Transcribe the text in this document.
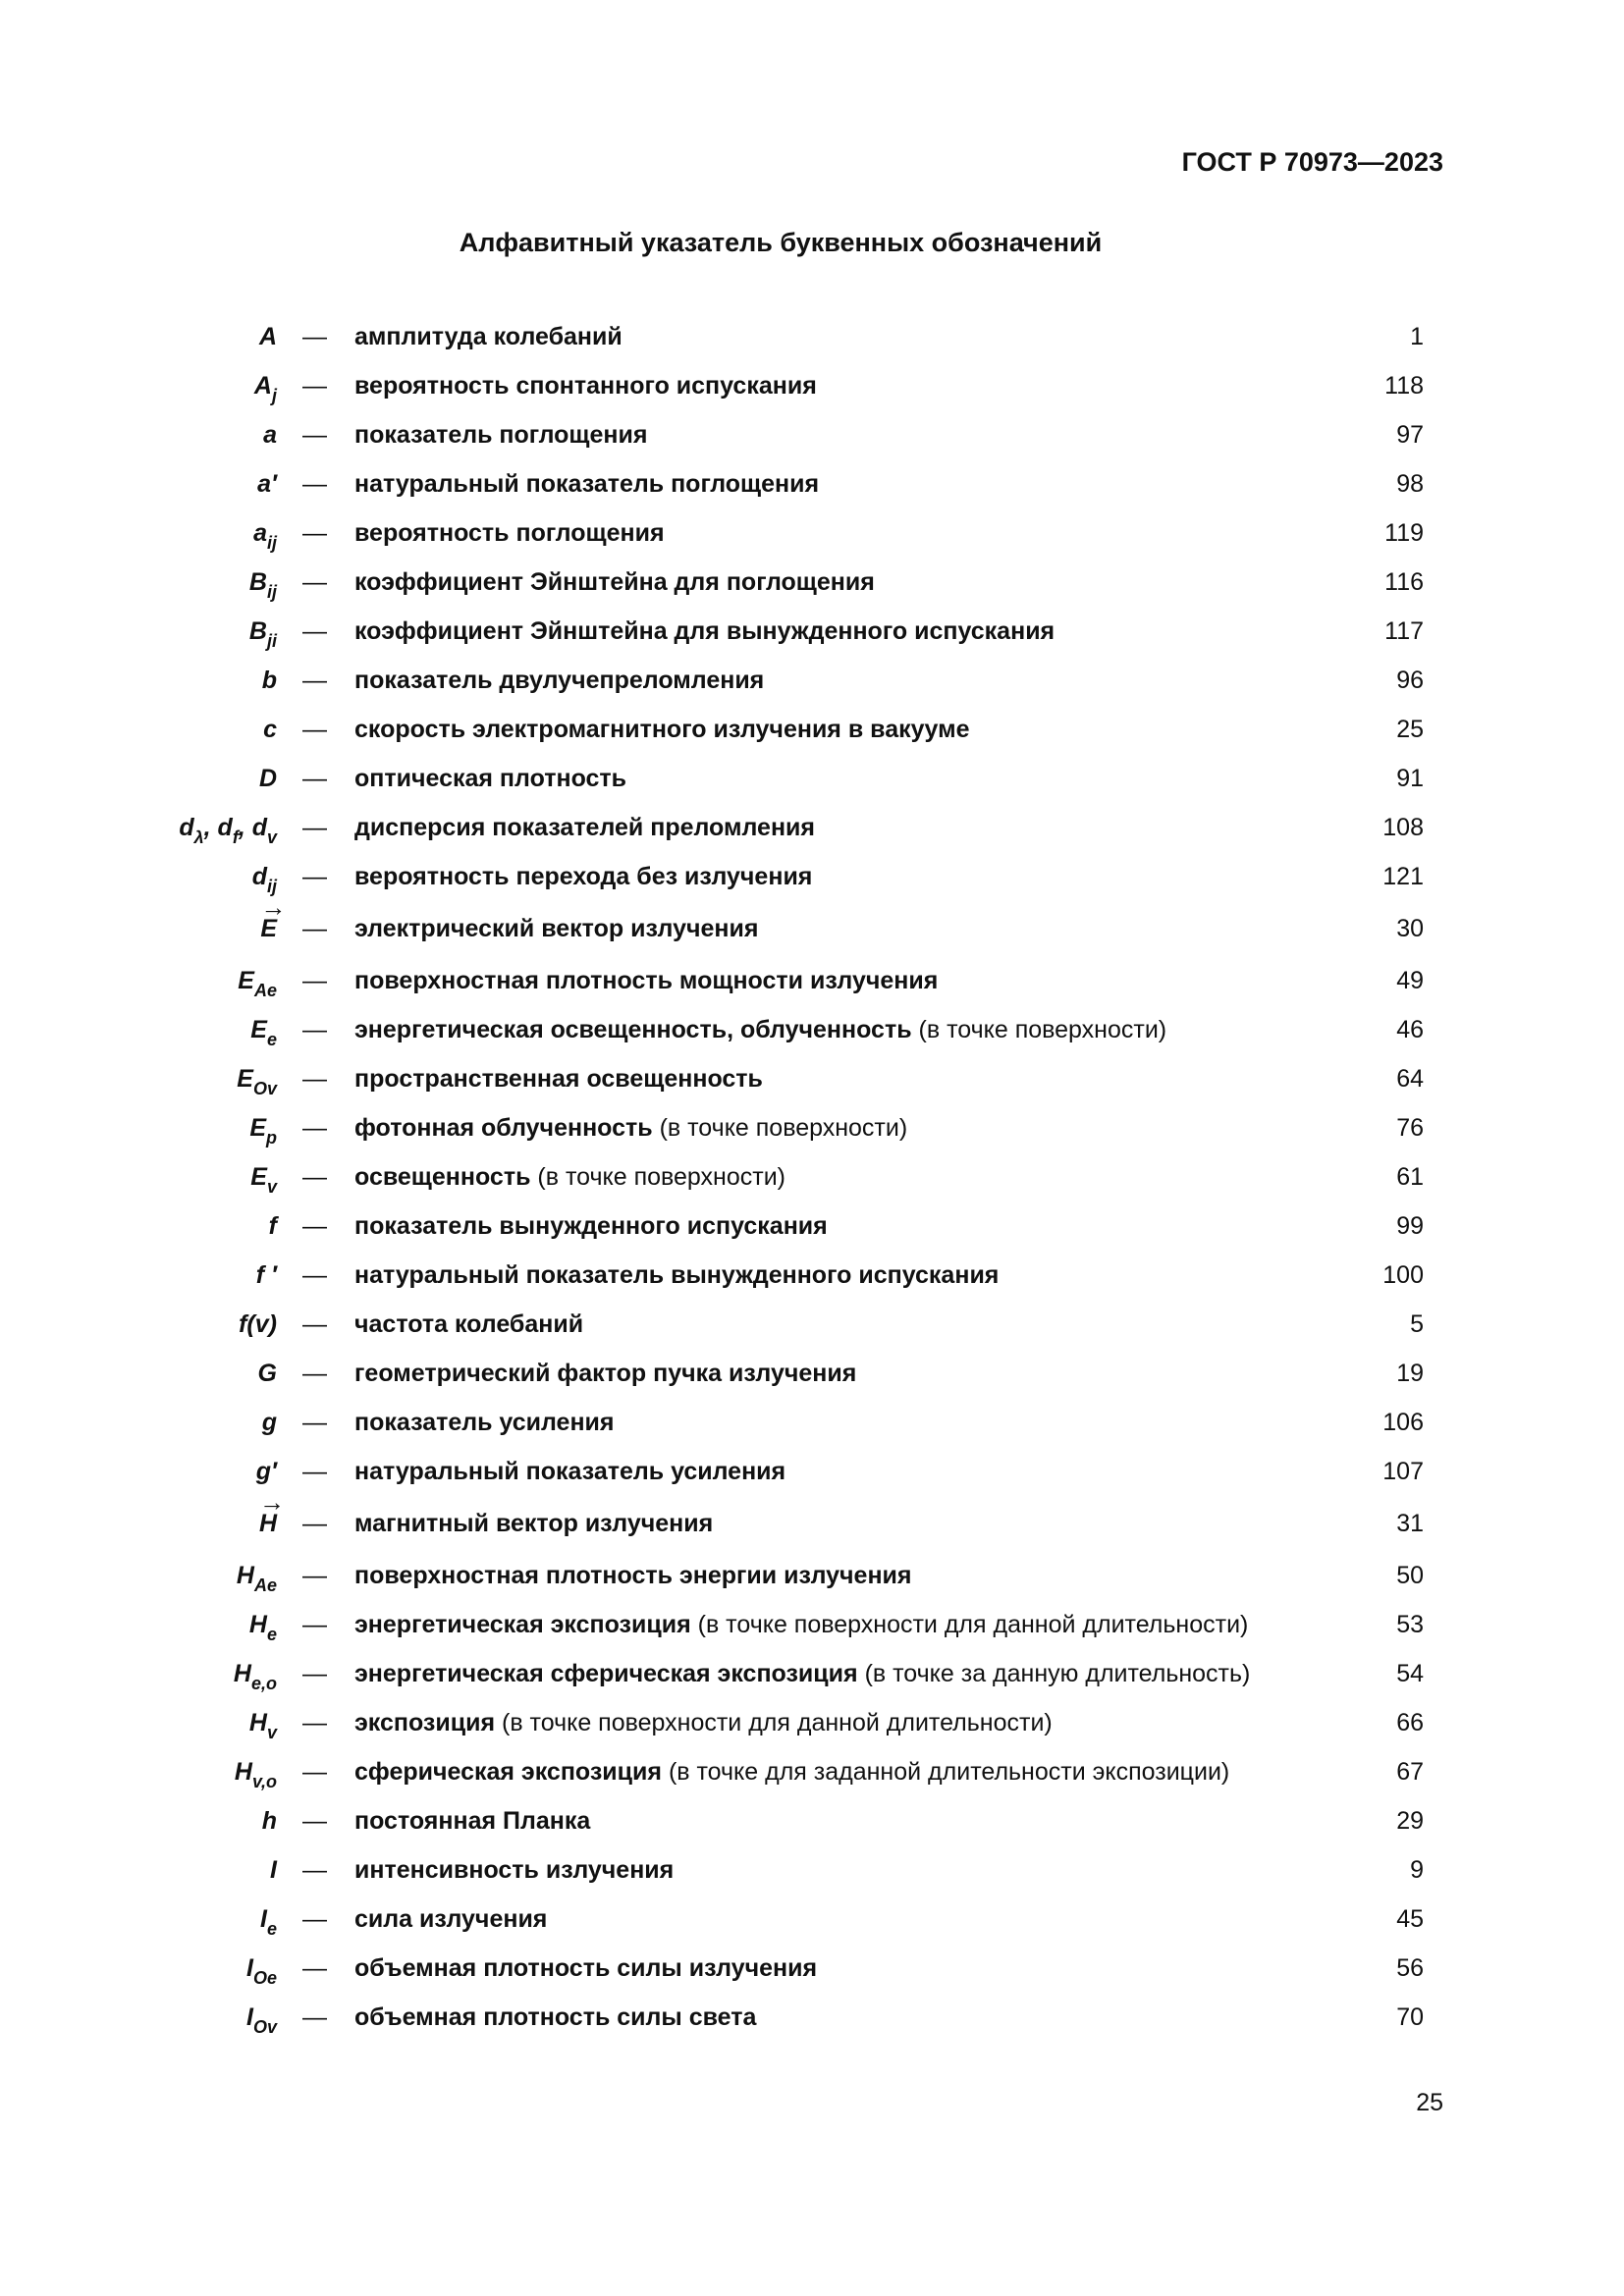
ГОСТ Р 70973—2023
Алфавитный указатель буквенных обозначений
A — амплитуда колебаний	1
$A_j$ — вероятность спонтанного испускания	118
a — показатель поглощения	97
a′ — натуральный показатель поглощения	98
$a_{ij}$ — вероятность поглощения	119
$B_{ij}$ — коэффициент Эйнштейна для поглощения	116
$B_{ji}$ — коэффициент Эйнштейна для вынужденного испускания	117
b — показатель двулучепреломления	96
c — скорость электромагнитного излучения в вакууме	25
D — оптическая плотность	91
$d_\lambda$, $d_f$, $d_v$ — дисперсия показателей преломления	108
$d_{ij}$ — вероятность перехода без излучения	121
→ E — электрический вектор излучения	30
$E_{Ae}$ — поверхностная плотность мощности излучения	49
$E_e$ — энергетическая освещенность, облученность (в точке поверхности)	46
$E_{Ov}$ — пространственная освещенность	64
$E_p$ — фотонная облученность (в точке поверхности)	76
$E_v$ — освещенность (в точке поверхности)	61
f — показатель вынужденного испускания	99
f ′ — натуральный показатель вынужденного испускания	100
f(v) — частота колебаний	5
G — геометрический фактор пучка излучения	19
g — показатель усиления	106
g′ — натуральный показатель усиления	107
→ H — магнитный вектор излучения	31
$H_{Ae}$ — поверхностная плотность энергии излучения	50
$H_e$ — энергетическая экспозиция (в точке поверхности для данной длительности)	53
$H_{e,o}$ — энергетическая сферическая экспозиция (в точке за данную длительность)	54
$H_v$ — экспозиция (в точке поверхности для данной длительности)	66
$H_{v,o}$ — сферическая экспозиция (в точке для заданной длительности экспозиции)	67
h — постоянная Планка	29
I — интенсивность излучения	9
$I_e$ — сила излучения	45
$I_{Oe}$ — объемная плотность силы излучения	56
$I_{Ov}$ — объемная плотность силы света	70
25
